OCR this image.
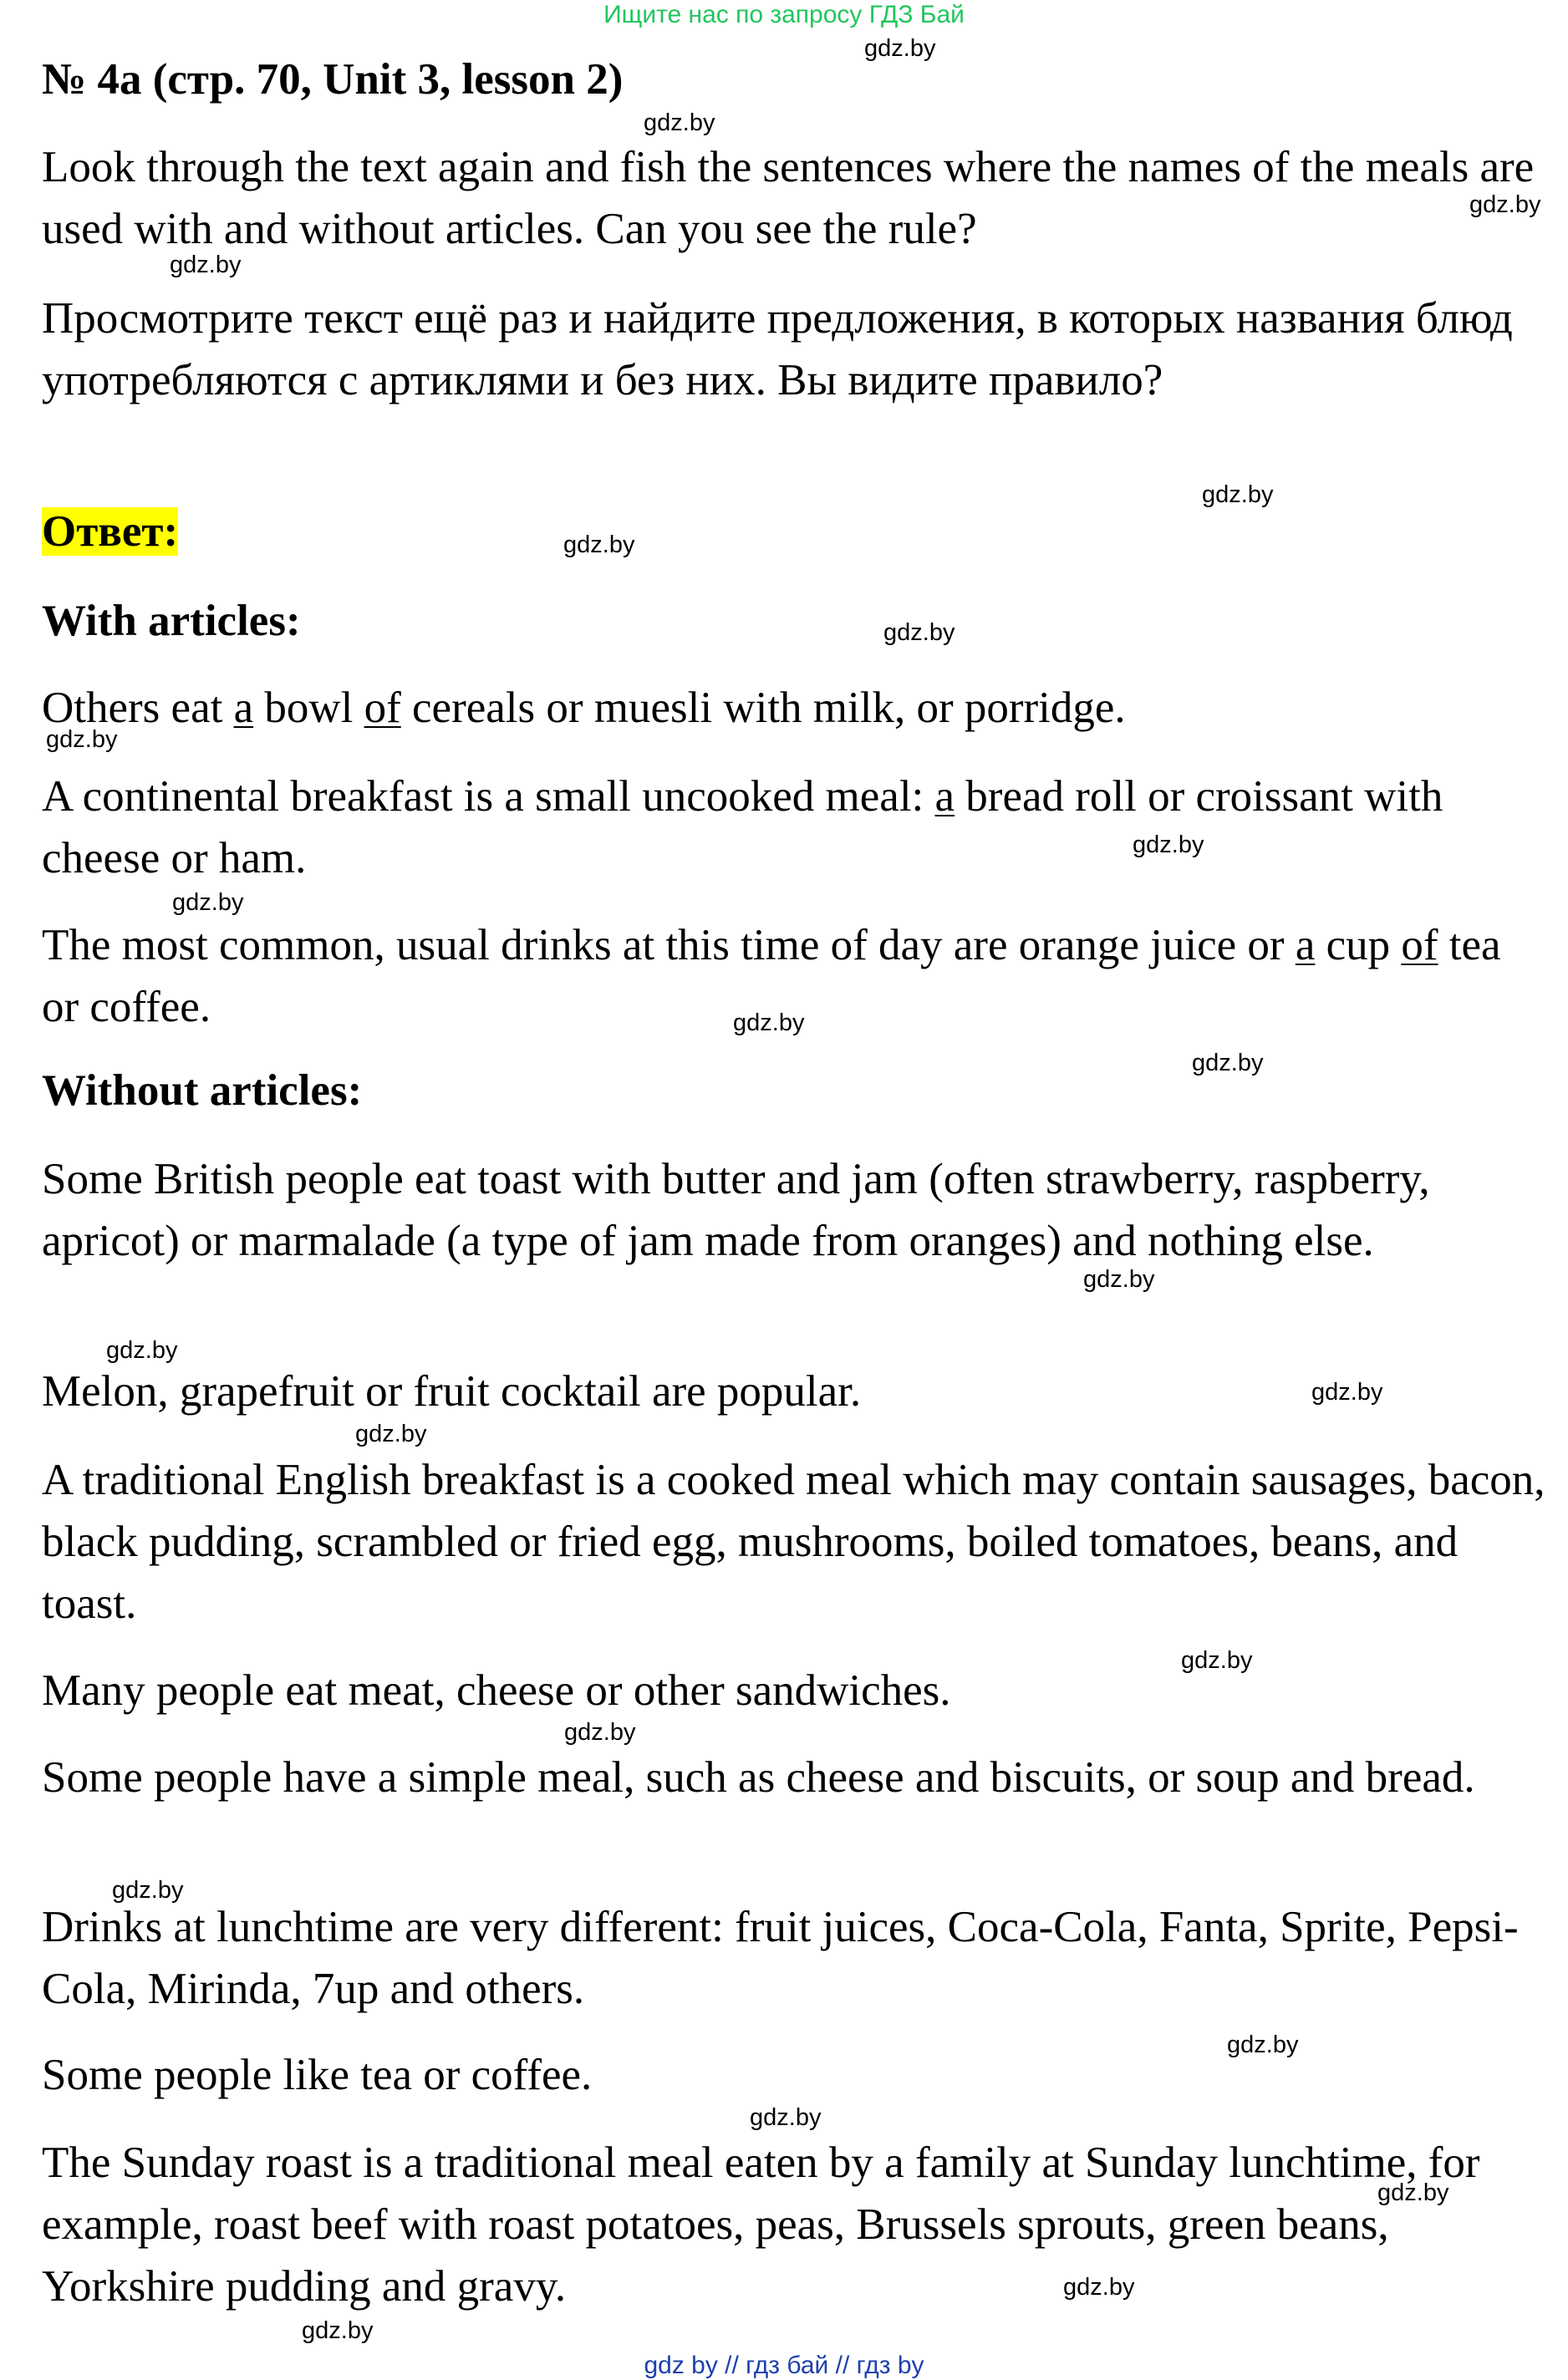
Ищите нас по запросу ГДЗ Бай
№ 4а (стр. 70, Unit 3, lesson 2)
Look through the text again and fish the sentences where the names of the meals are used with and without articles. Can you see the rule?
Просмотрите текст ещё раз и найдите предложения, в которых названия блюд употребляются с артиклями и без них. Вы видите правило?
Ответ:
With articles:
Others eat a bowl of cereals or muesli with milk, or porridge.
A continental breakfast is a small uncooked meal: a bread roll or croissant with cheese or ham.
The most common, usual drinks at this time of day are orange juice or a cup of tea or coffee.
Without articles:
Some British people eat toast with butter and jam (often strawberry, raspberry, apricot) or marmalade (a type of jam made from oranges) and nothing else.
Melon, grapefruit or fruit cocktail are popular.
A traditional English breakfast is a cooked meal which may contain sausages, bacon, black pudding, scrambled or fried egg, mushrooms, boiled tomatoes, beans, and toast.
Many people eat meat, cheese or other sandwiches.
Some people have a simple meal, such as cheese and biscuits, or soup and bread.
Drinks at lunchtime are very different: fruit juices, Coca-Cola, Fanta, Sprite, Pepsi-Cola, Mirinda, 7up and others.
Some people like tea or coffee.
The Sunday roast is a traditional meal eaten by a family at Sunday lunchtime, for example, roast beef with roast potatoes, peas, Brussels sprouts, green beans, Yorkshire pudding and gravy.
gdz.by
gdz.by
gdz.by
gdz.by
gdz.by
gdz.by
gdz.by
gdz.by
gdz.by
gdz.by
gdz.by
gdz.by
gdz.by
gdz.by
gdz.by
gdz.by
gdz.by
gdz.by
gdz.by
gdz.by
gdz.by
gdz.by
gdz.by
gdz.by
gdz by // гдз бай // гдз by
